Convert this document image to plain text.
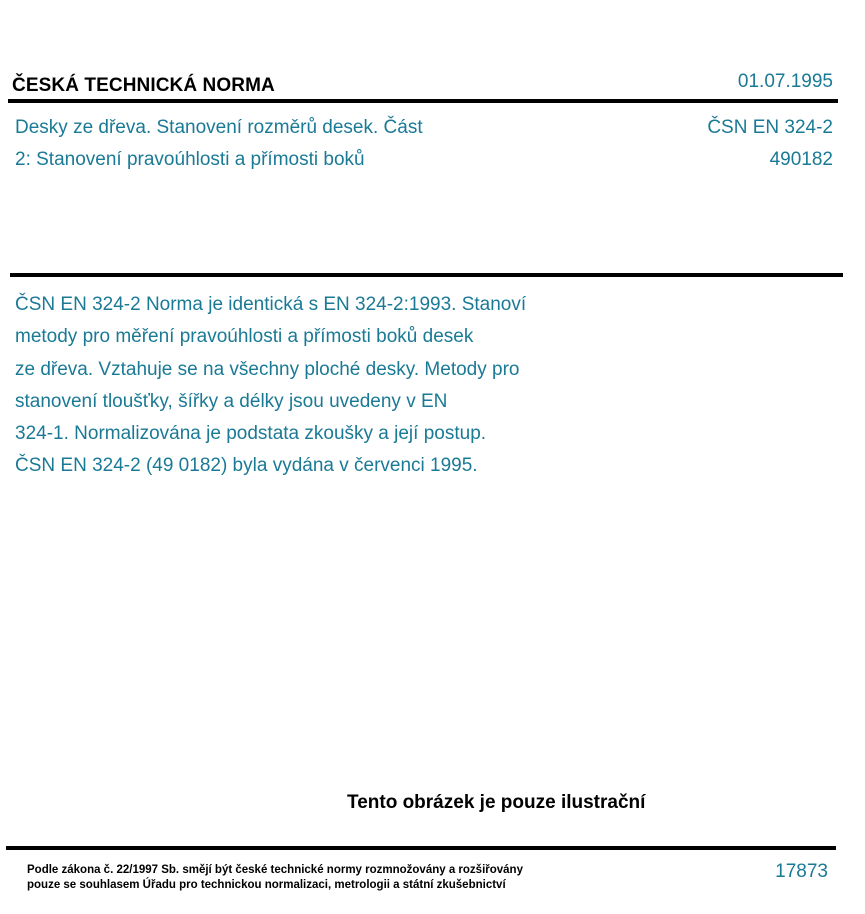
ČESKÁ TECHNICKÁ NORMA	01.07.1995
Desky ze dřeva. Stanovení rozměrů desek. Část
2: Stanovení pravoúhlosti a přímosti boků
ČSN EN 324-2
490182
ČSN EN 324-2 Norma je identická s EN 324-2:1993. Stanoví
metody pro měření pravoúhlosti a přímosti boků desek
ze dřeva. Vztahuje se na všechny ploché desky. Metody pro
stanovení tloušťky, šířky a délky jsou uvedeny v EN
324-1. Normalizována je podstata zkoušky a její postup.
ČSN EN 324-2 (49 0182) byla vydána v červenci 1995.
Tento obrázek je pouze ilustrační
Podle zákona č. 22/1997 Sb. smějí být české technické normy rozmnožovány a rozšiřovány
pouze se souhlasem Úřadu pro technickou normalizaci, metrologii a státní zkušebnictví
17873
